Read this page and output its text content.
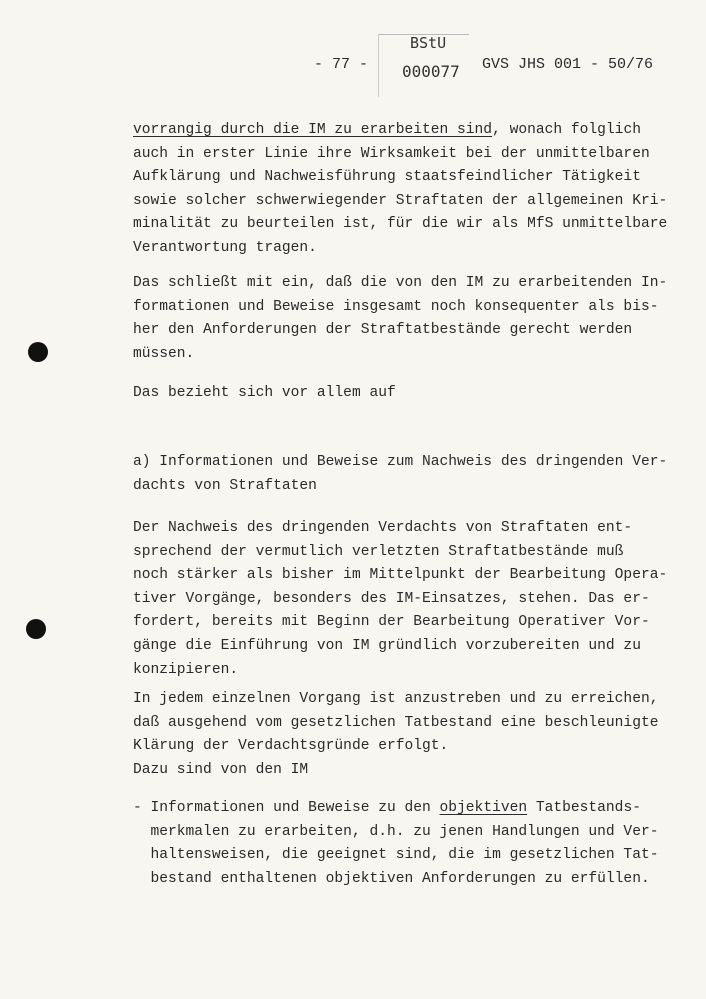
BStU
000077
- 77 -	GVS JHS 001 - 50/76
vorrangig durch die IM zu erarbeiten sind, wonach folglich
auch in erster Linie ihre Wirksamkeit bei der unmittelbaren
Aufklärung und Nachweisführung staatsfeindlicher Tätigkeit
sowie solcher schwerwiegender Straftaten der allgemeinen Kri-
minalität zu beurteilen ist, für die wir als MfS unmittelbare
Verantwortung tragen.
Das schließt mit ein, daß die von den IM zu erarbeitenden In-
formationen und Beweise insgesamt noch konsequenter als bis-
her den Anforderungen der Straftatbestände gerecht werden
müssen.
Das bezieht sich vor allem auf
a) Informationen und Beweise zum Nachweis des dringenden Ver-
dachts von Straftaten
Der Nachweis des dringenden Verdachts von Straftaten ent-
sprechend der vermutlich verletzten Straftatbestände muß
noch stärker als bisher im Mittelpunkt der Bearbeitung Opera-
tiver Vorgänge, besonders des IM-Einsatzes, stehen. Das er-
fordert, bereits mit Beginn der Bearbeitung Operativer Vor-
gänge die Einführung von IM gründlich vorzubereiten und zu
konzipieren.
In jedem einzelnen Vorgang ist anzustreben und zu erreichen,
daß ausgehend vom gesetzlichen Tatbestand eine beschleunigte
Klärung der Verdachtsgründe erfolgt.
Dazu sind von den IM
- Informationen und Beweise zu den objektiven Tatbestands-
merkmalen zu erarbeiten, d.h. zu jenen Handlungen und Ver-
haltensweisen, die geeignet sind, die im gesetzlichen Tat-
bestand enthaltenen objektiven Anforderungen zu erfüllen.
